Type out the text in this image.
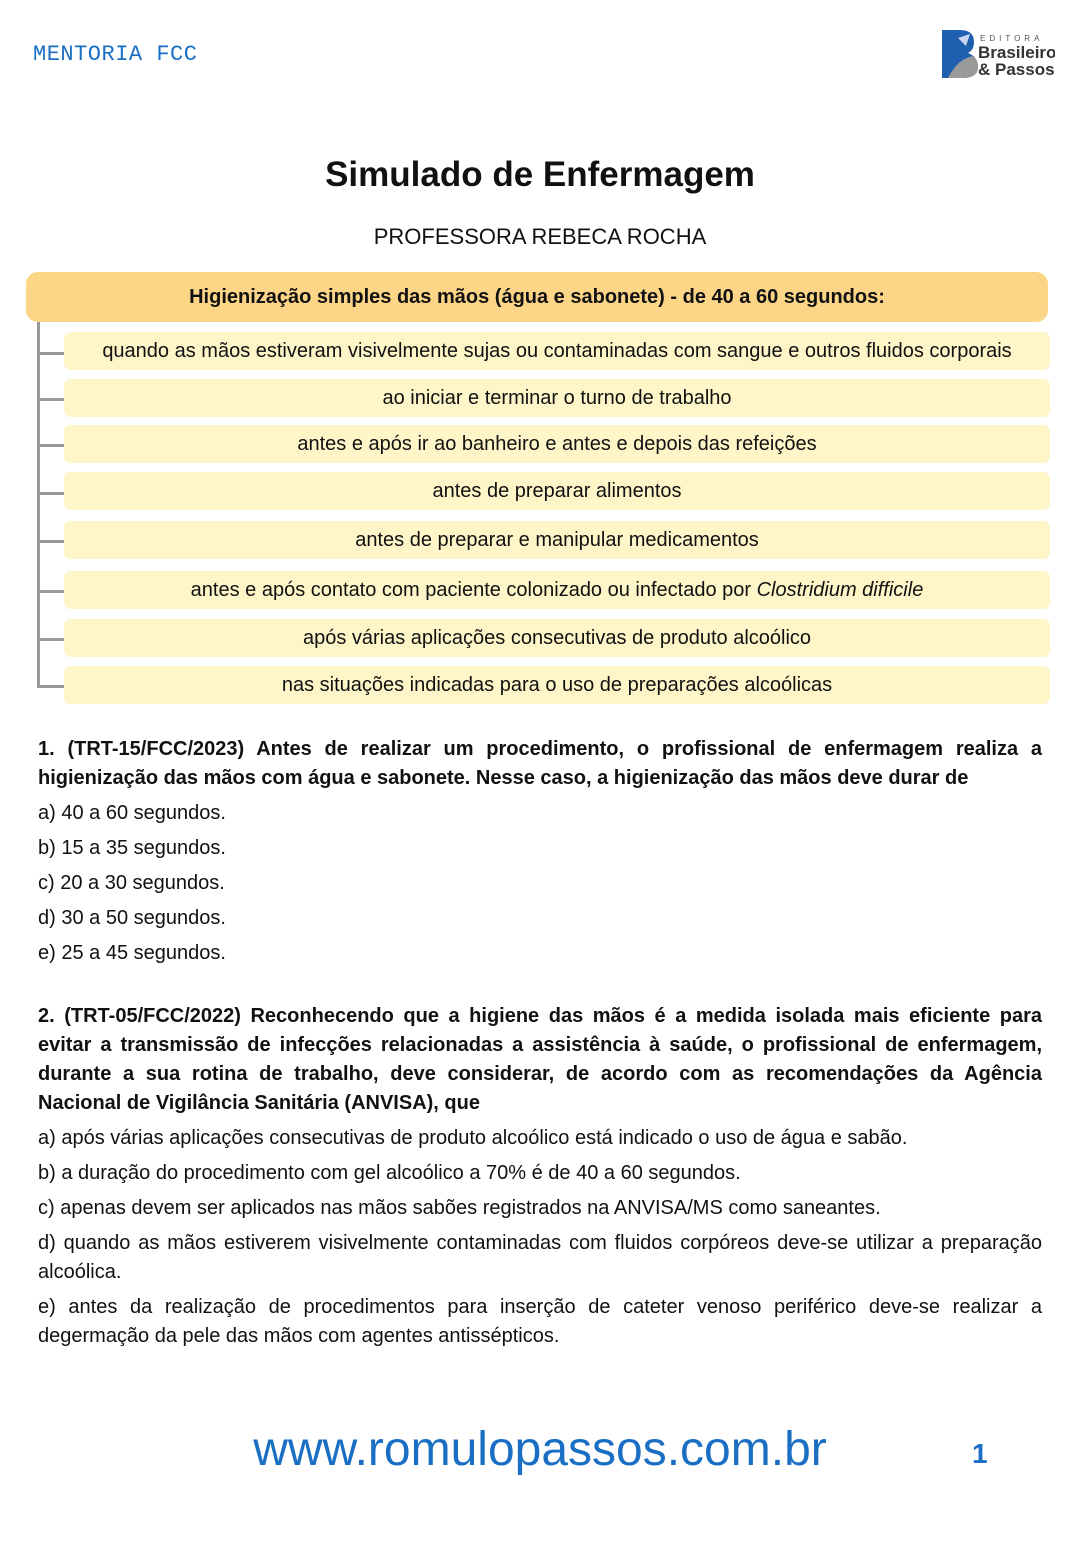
MENTORIA FCC
EDITORA
Brasileiro
& Passos
Simulado de Enfermagem
PROFESSORA REBECA ROCHA
Higienização simples das mãos (água e sabonete) - de 40 a 60 segundos:
quando as mãos estiveram visivelmente sujas ou contaminadas com sangue e outros fluidos corporais
ao iniciar e terminar o turno de trabalho
antes e após ir ao banheiro e antes e depois das refeições
antes de preparar alimentos
antes de preparar e manipular medicamentos
antes e após contato com paciente colonizado ou infectado por Clostridium difficile
após várias aplicações consecutivas de produto alcoólico
nas situações indicadas para o uso de preparações alcoólicas

1. (TRT-15/FCC/2023) Antes de realizar um procedimento, o profissional de enfermagem realiza a higienização das mãos com água e sabonete. Nesse caso, a higienização das mãos deve durar de

a) 40 a 60 segundos.

b) 15 a 35 segundos.

c) 20 a 30 segundos.

d) 30 a 50 segundos.

e) 25 a 45 segundos.

2. (TRT-05/FCC/2022) Reconhecendo que a higiene das mãos é a medida isolada mais eficiente para evitar a transmissão de infecções relacionadas a assistência à saúde, o profissional de enfermagem, durante a sua rotina de trabalho, deve considerar, de acordo com as recomendações da Agência Nacional de Vigilância Sanitária (ANVISA), que

a) após várias aplicações consecutivas de produto alcoólico está indicado o uso de água e sabão.

b) a duração do procedimento com gel alcoólico a 70% é de 40 a 60 segundos.

c) apenas devem ser aplicados nas mãos sabões registrados na ANVISA/MS como saneantes.

d) quando as mãos estiverem visivelmente contaminadas com fluidos corpóreos deve-se utilizar a preparação alcoólica.

e) antes da realização de procedimentos para inserção de cateter venoso periférico deve-se realizar a degermação da pele das mãos com agentes antissépticos.

www.romulopassos.com.br	1
